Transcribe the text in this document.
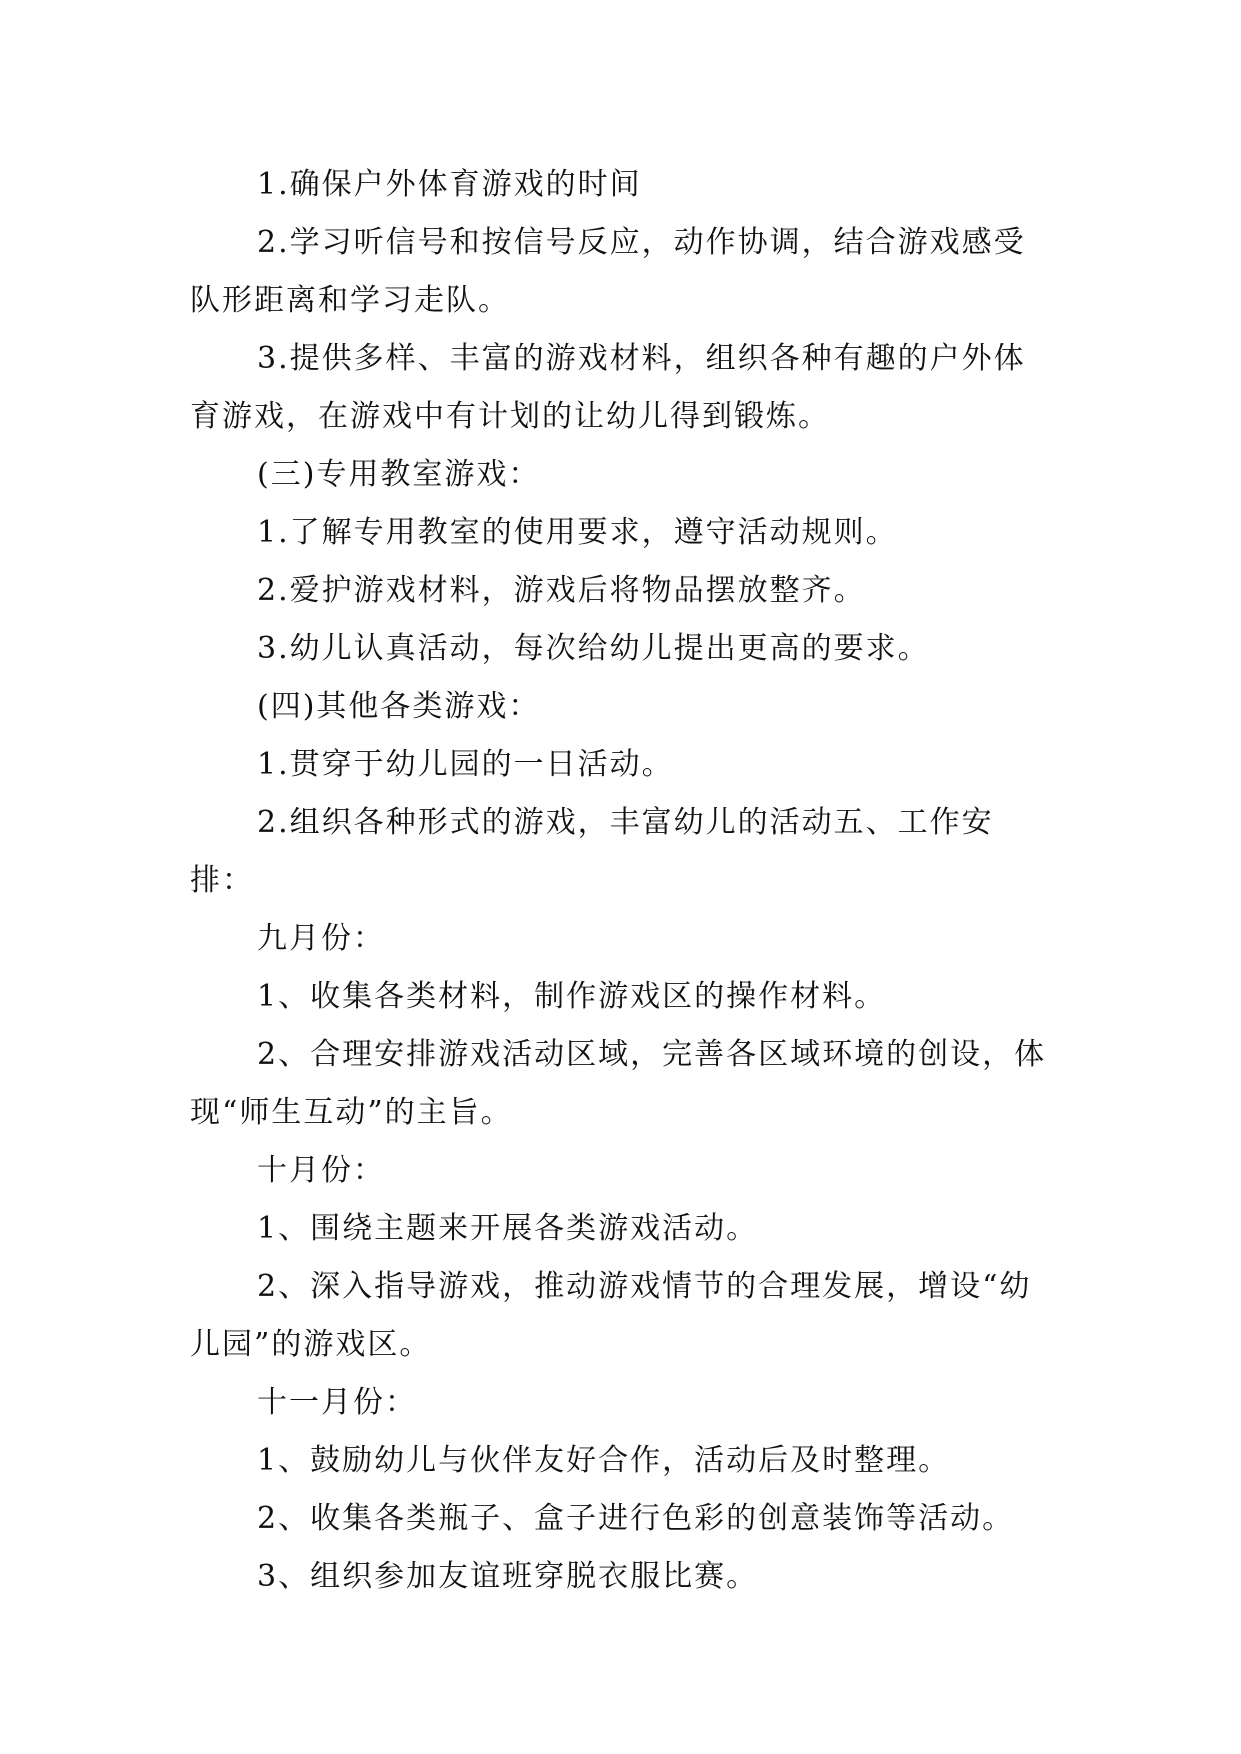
1.确保户外体育游戏的时间

2.学习听信号和按信号反应，动作协调，结合游戏感受队形距离和学习走队。

3.提供多样、丰富的游戏材料，组织各种有趣的户外体育游戏，在游戏中有计划的让幼儿得到锻炼。

(三)专用教室游戏：

1.了解专用教室的使用要求，遵守活动规则。

2.爱护游戏材料，游戏后将物品摆放整齐。

3.幼儿认真活动，每次给幼儿提出更高的要求。

(四)其他各类游戏：

1.贯穿于幼儿园的一日活动。

2.组织各种形式的游戏，丰富幼儿的活动五、工作安排：

九月份：

1、收集各类材料，制作游戏区的操作材料。

2、合理安排游戏活动区域，完善各区域环境的创设，体现“师生互动”的主旨。

十月份：

1、围绕主题来开展各类游戏活动。

2、深入指导游戏，推动游戏情节的合理发展，增设“幼儿园”的游戏区。

十一月份：

1、鼓励幼儿与伙伴友好合作，活动后及时整理。

2、收集各类瓶子、盒子进行色彩的创意装饰等活动。

3、组织参加友谊班穿脱衣服比赛。
